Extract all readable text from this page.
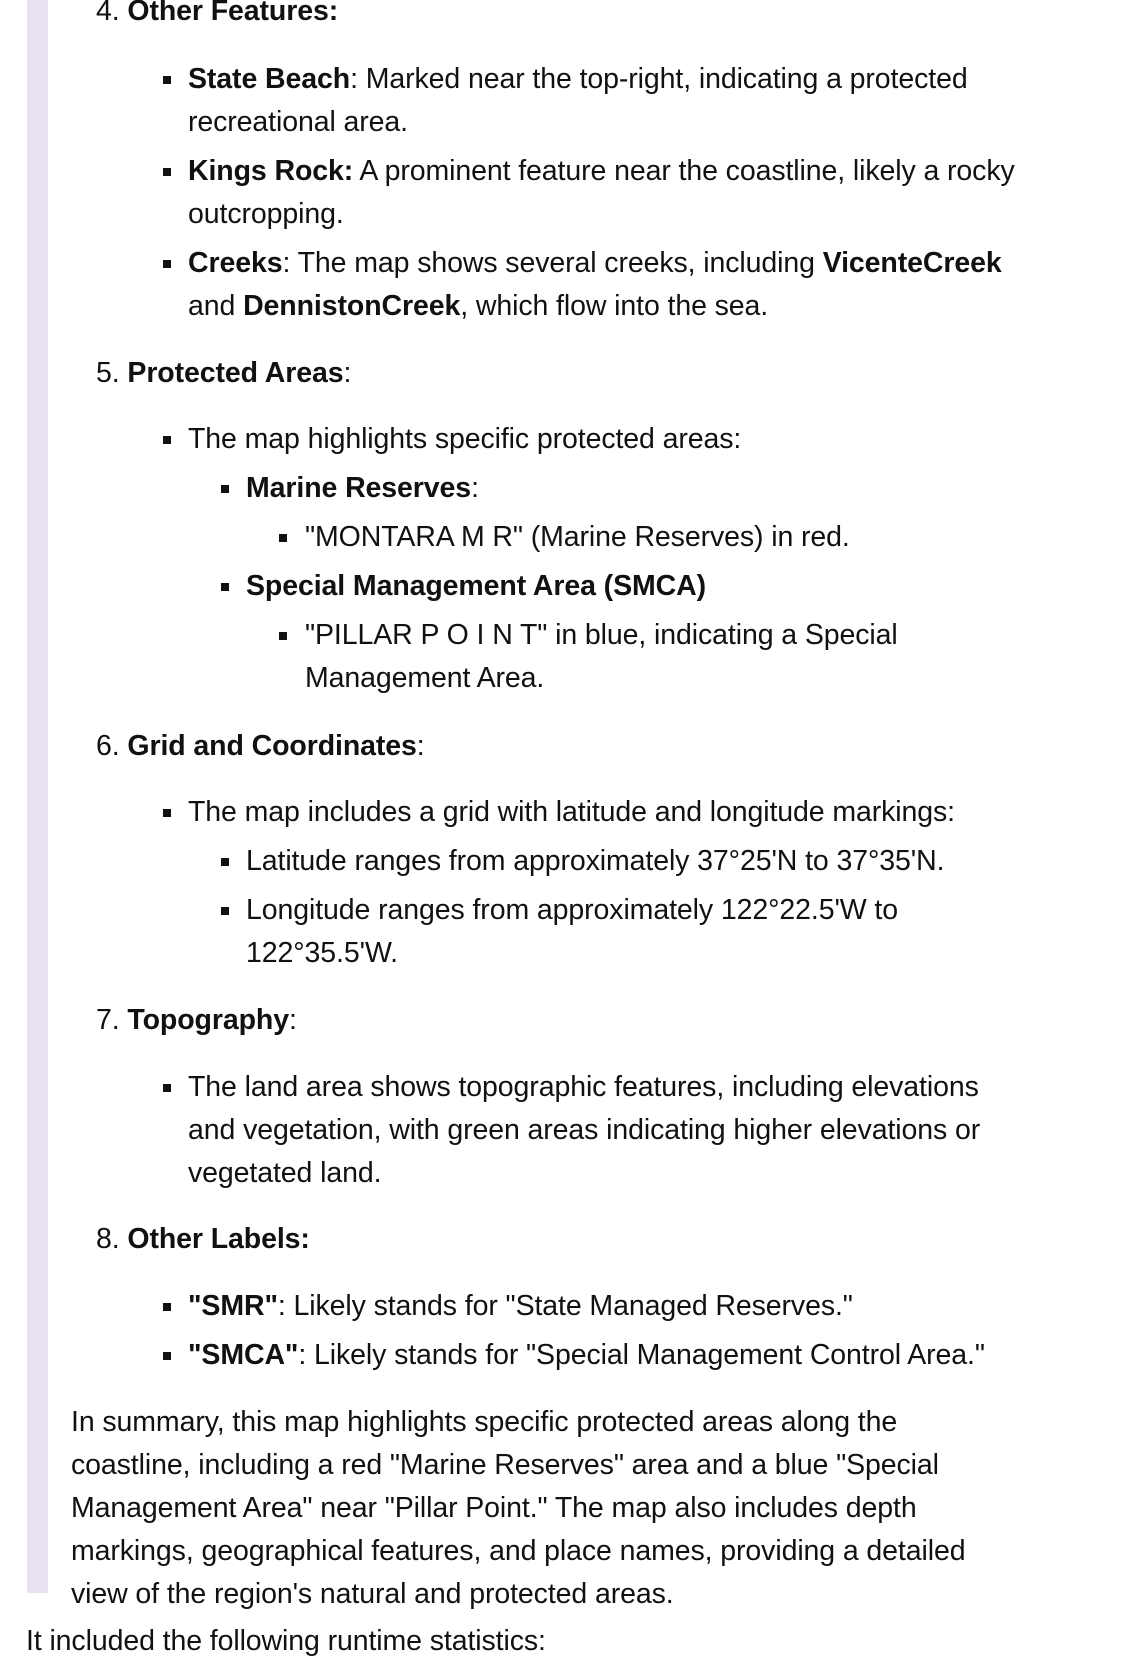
4. Other Features:
State Beach: Marked near the top-right, indicating a protected
recreational area.
Kings Rock: A prominent feature near the coastline, likely a rocky
outcropping.
Creeks: The map shows several creeks, including VicenteCreek
and DennistonCreek, which flow into the sea.
5. Protected Areas:
The map highlights specific protected areas:
Marine Reserves:
"MONTARA M R" (Marine Reserves) in red.
Special Management Area (SMCA)
"PILLAR P O I N T" in blue, indicating a Special
Management Area.
6. Grid and Coordinates:
The map includes a grid with latitude and longitude markings:
Latitude ranges from approximately 37°25'N to 37°35'N.
Longitude ranges from approximately 122°22.5'W to
122°35.5'W.
7. Topography:
The land area shows topographic features, including elevations
and vegetation, with green areas indicating higher elevations or
vegetated land.
8. Other Labels:
"SMR": Likely stands for "State Managed Reserves."
"SMCA": Likely stands for "Special Management Control Area."
In summary, this map highlights specific protected areas along the
coastline, including a red "Marine Reserves" area and a blue "Special
Management Area" near "Pillar Point." The map also includes depth
markings, geographical features, and place names, providing a detailed
view of the region's natural and protected areas.
It included the following runtime statistics:
